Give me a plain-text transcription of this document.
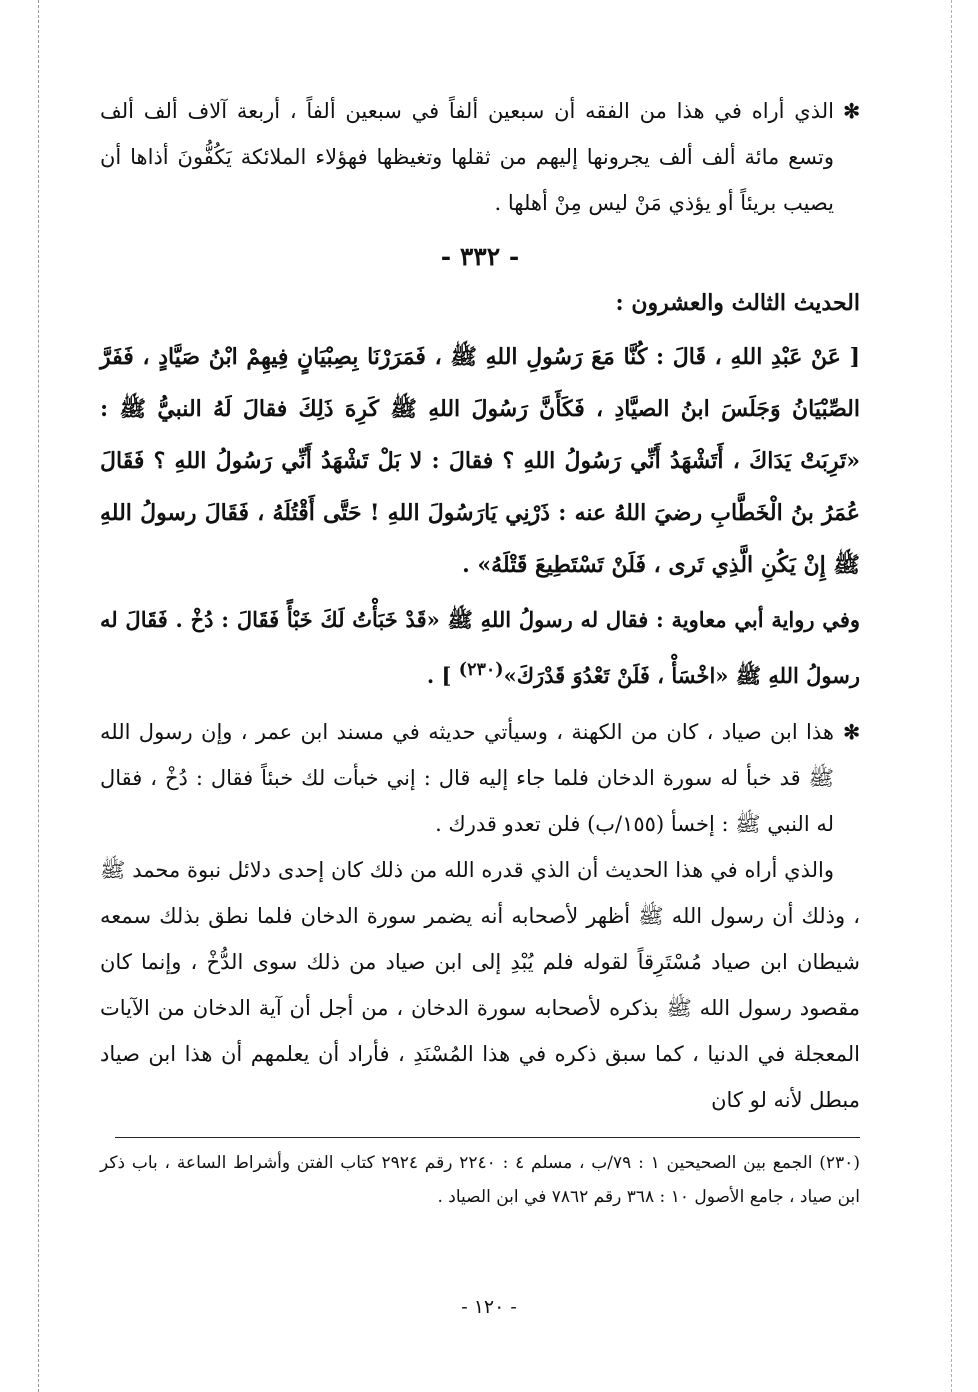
✻
الذي أراه في هذا من الفقه أن سبعين ألفاً في سبعين ألفاً ، أربعة آلاف ألف ألف وتسع مائة ألف ألف يجرونها إليهم من ثقلها وتغيظها فهؤلاء الملائكة يَكُفُّونَ أذاها أن يصيب بريئاً أو يؤذي مَنْ ليس مِنْ أهلها .

- ٣٣٢ -

الحديث الثالث والعشرون :

[ عَنْ عَبْدِ اللهِ ، قَالَ : كُنَّا مَعَ رَسُولِ اللهِ ﷺ ، فَمَرَرْنَا بِصِبْيَانٍ فِيهِمْ ابْنُ صَيَّادٍ ، فَفَرَّ الصِّبْيَانُ وَجَلَسَ ابنُ الصيَّادِ ، فَكَأَنَّ رَسُولَ اللهِ ﷺ كَرِهَ ذَلِكَ فقالَ لَهُ النبيُّ ﷺ : «تَرِبَتْ يَدَاكَ ، أَتَشْهَدُ أَنِّي رَسُولُ اللهِ ؟ فقالَ : لا بَلْ تَشْهَدُ أَنِّي رَسُولُ اللهِ ؟ فَقَالَ عُمَرُ بنُ الْخَطَّابِ رضيَ اللهُ عنه : ذَرْنِي يَارَسُولَ اللهِ ! حَتَّى أَقْتُلَهُ ، فَقَالَ رسولُ اللهِ ﷺ إِنْ يَكُنِ الَّذِي تَرى ، فَلَنْ تَسْتَطِيعَ قَتْلَهُ» .

وفي رواية أبي معاوية : فقال له رسولُ اللهِ ﷺ «قَدْ خَبَأْتُ لَكَ خَبْأً فَقَالَ : دُخْ . فَقَالَ له رسولُ اللهِ ﷺ «اخْسَأْ ، فَلَنْ تَعْدُوَ قَدْرَكَ»$^{(٢٣٠)}$ ] .

✻
هذا ابن صياد ، كان من الكهنة ، وسيأتي حديثه في مسند ابن عمر ، وإن رسول الله ﷺ قد خبأ له سورة الدخان فلما جاء إليه قال : إني خبأت لك خبئاً فقال : دُخْ ، فقال له النبي ﷺ : إخسأ (١٥٥/ب) فلن تعدو قدرك .

والذي أراه في هذا الحديث أن الذي قدره الله من ذلك كان إحدى دلائل نبوة محمد ﷺ ، وذلك أن رسول الله ﷺ أظهر لأصحابه أنه يضمر سورة الدخان فلما نطق بذلك سمعه شيطان ابن صياد مُسْتَرِقاً لقوله فلم يُبْدِ إلى ابن صياد من ذلك سوى الدُّخْ ، وإنما كان مقصود رسول الله ﷺ بذكره لأصحابه سورة الدخان ، من أجل أن آية الدخان من الآيات المعجلة في الدنيا ، كما سبق ذكره في هذا المُسْنَدِ ، فأراد أن يعلمهم أن هذا ابن صياد مبطل لأنه لو كان

(٢٣٠) الجمع بين الصحيحين ١ : ٧٩/ب ، مسلم ٤ : ٢٢٤٠ رقم ٢٩٢٤ كتاب الفتن وأشراط الساعة ، باب ذكر ابن صياد ، جامع الأصول ١٠ : ٣٦٨ رقم ٧٨٦٢ في ابن الصياد .

- ١٢٠ -
